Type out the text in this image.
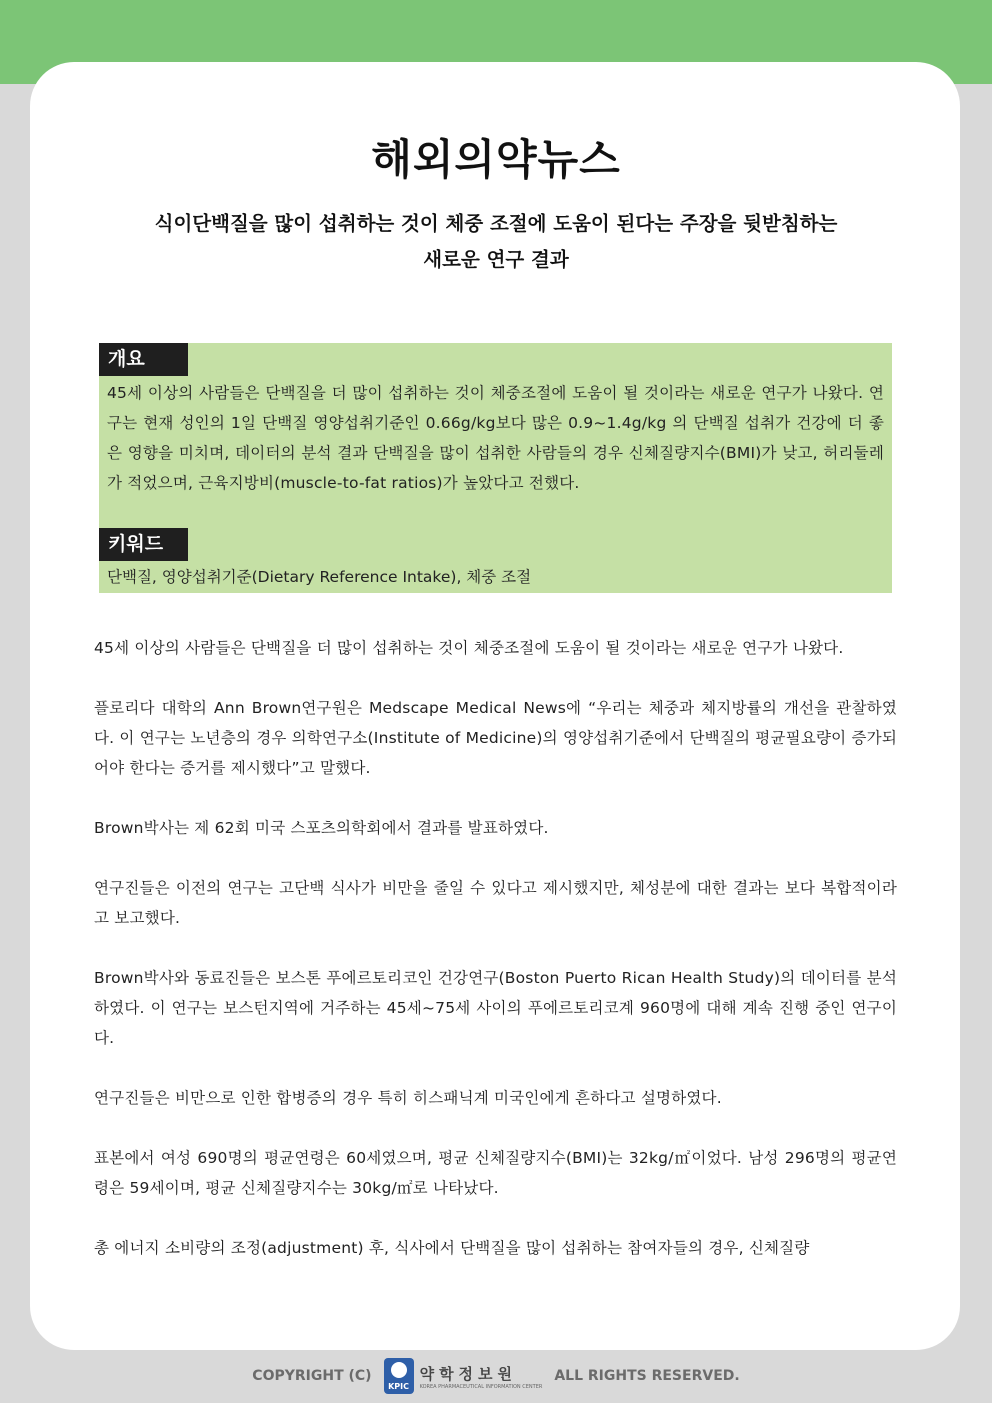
해외의약뉴스
식이단백질을 많이 섭취하는 것이 체중 조절에 도움이 된다는 주장을 뒷받침하는
새로운 연구 결과
개요
45세 이상의 사람들은 단백질을 더 많이 섭취하는 것이 체중조절에 도움이 될 것이라는 새로운 연구가 나왔다. 연구는 현재 성인의 1일 단백질 영양섭취기준인 0.66g/kg보다 많은 0.9~1.4g/kg 의 단백질 섭취가 건강에 더 좋은 영향을 미치며, 데이터의 분석 결과 단백질을 많이 섭취한 사람들의 경우 신체질량지수(BMI)가 낮고, 허리둘레가 적었으며, 근육지방비(muscle-to-fat ratios)가 높았다고 전했다.
키워드
단백질, 영양섭취기준(Dietary Reference Intake), 체중 조절

45세 이상의 사람들은 단백질을 더 많이 섭취하는 것이 체중조절에 도움이 될 것이라는 새로운 연구가 나왔다.

플로리다 대학의 Ann Brown연구원은 Medscape Medical News에 “우리는 체중과 체지방률의 개선을 관찰하였다. 이 연구는 노년층의 경우 의학연구소(Institute of Medicine)의 영양섭취기준에서 단백질의 평균필요량이 증가되어야 한다는 증거를 제시했다”고 말했다.

Brown박사는 제 62회 미국 스포츠의학회에서 결과를 발표하였다.

연구진들은 이전의 연구는 고단백 식사가 비만을 줄일 수 있다고 제시했지만, 체성분에 대한 결과는 보다 복합적이라고 보고했다.

Brown박사와 동료진들은 보스톤 푸에르토리코인 건강연구(Boston Puerto Rican Health Study)의 데이터를 분석하였다. 이 연구는 보스턴지역에 거주하는 45세~75세 사이의 푸에르토리코계 960명에 대해 계속 진행 중인 연구이다.

연구진들은 비만으로 인한 합병증의 경우 특히 히스패닉계 미국인에게 흔하다고 설명하였다.

표본에서 여성 690명의 평균연령은 60세였으며, 평균 신체질량지수(BMI)는 32kg/㎡이었다. 남성 296명의 평균연령은 59세이며, 평균 신체질량지수는 30kg/㎡로 나타났다.

총 에너지 소비량의 조정(adjustment) 후, 식사에서 단백질을 많이 섭취하는 참여자들의 경우, 신체질량

COPYRIGHT (C)
KPIC
약학정보원
KOREA PHARMACEUTICAL INFORMATION CENTER
ALL RIGHTS RESERVED.
